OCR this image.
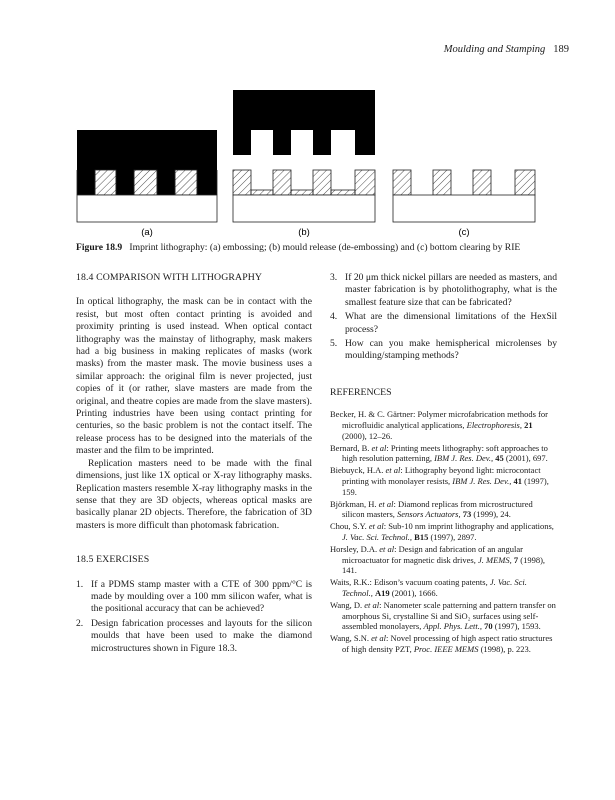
Moulding and Stamping 189
(a)	(b)	(c)
Figure 18.9 Imprint lithography: (a) embossing; (b) mould release (de-embossing) and (c) bottom clearing by RIE
18.4 COMPARISON WITH LITHOGRAPHY

In optical lithography, the mask can be in contact with the resist, but most often contact printing is avoided and proximity printing is used instead. When optical contact lithography was the mainstay of lithography, mask makers had a big business in making replicates of masks (work masks) from the master mask. The movie business uses a similar approach: the original film is never projected, just copies of it (or rather, slave masters are made from the original, and theatre copies are made from the slave masters). Printing industries have been using contact printing for centuries, so the basic problem is not the contact itself. The release process has to be designed into the materials of the master and the film to be imprinted.

Replication masters need to be made with the final dimensions, just like 1X optical or X-ray lithography masks. Replication masters resemble X-ray lithography masks in the sense that they are 3D objects, whereas optical masks are basically planar 2D objects. Therefore, the fabrication of 3D masters is more difficult than photomask fabrication.

18.5 EXERCISES
1. If a PDMS stamp master with a CTE of 300 ppm/°C is made by moulding over a 100 mm silicon wafer, what is the positional accuracy that can be achieved?
2. Design fabrication processes and layouts for the silicon moulds that have been used to make the diamond microstructures shown in Figure 18.3.
3. If 20 μm thick nickel pillars are needed as masters, and master fabrication is by photolithography, what is the smallest feature size that can be fabricated?
4. What are the dimensional limitations of the HexSil process?
5. How can you make hemispherical microlenses by moulding/stamping methods?
REFERENCES
Becker, H. & C. Gärtner: Polymer microfabrication methods for microfluidic analytical applications, Electrophoresis, 21 (2000), 12–26.
Bernard, B. et al: Printing meets lithography: soft approaches to high resolution patterning, IBM J. Res. Dev., 45 (2001), 697.
Biebuyck, H.A. et al: Lithography beyond light: microcontact printing with monolayer resists, IBM J. Res. Dev., 41 (1997), 159.
Björkman, H. et al: Diamond replicas from microstructured silicon masters, Sensors Actuators, 73 (1999), 24.
Chou, S.Y. et al: Sub-10 nm imprint lithography and applications, J. Vac. Sci. Technol., B15 (1997), 2897.
Horsley, D.A. et al: Design and fabrication of an angular microactuator for magnetic disk drives, J. MEMS, 7 (1998), 141.
Waits, R.K.: Edison’s vacuum coating patents, J. Vac. Sci. Technol., A19 (2001), 1666.
Wang, D. et al: Nanometer scale patterning and pattern transfer on amorphous Si, crystalline Si and SiO₂ surfaces using self-assembled monolayers, Appl. Phys. Lett., 70 (1997), 1593.
Wang, S.N. et al: Novel processing of high aspect ratio structures of high density PZT, Proc. IEEE MEMS (1998), p. 223.
